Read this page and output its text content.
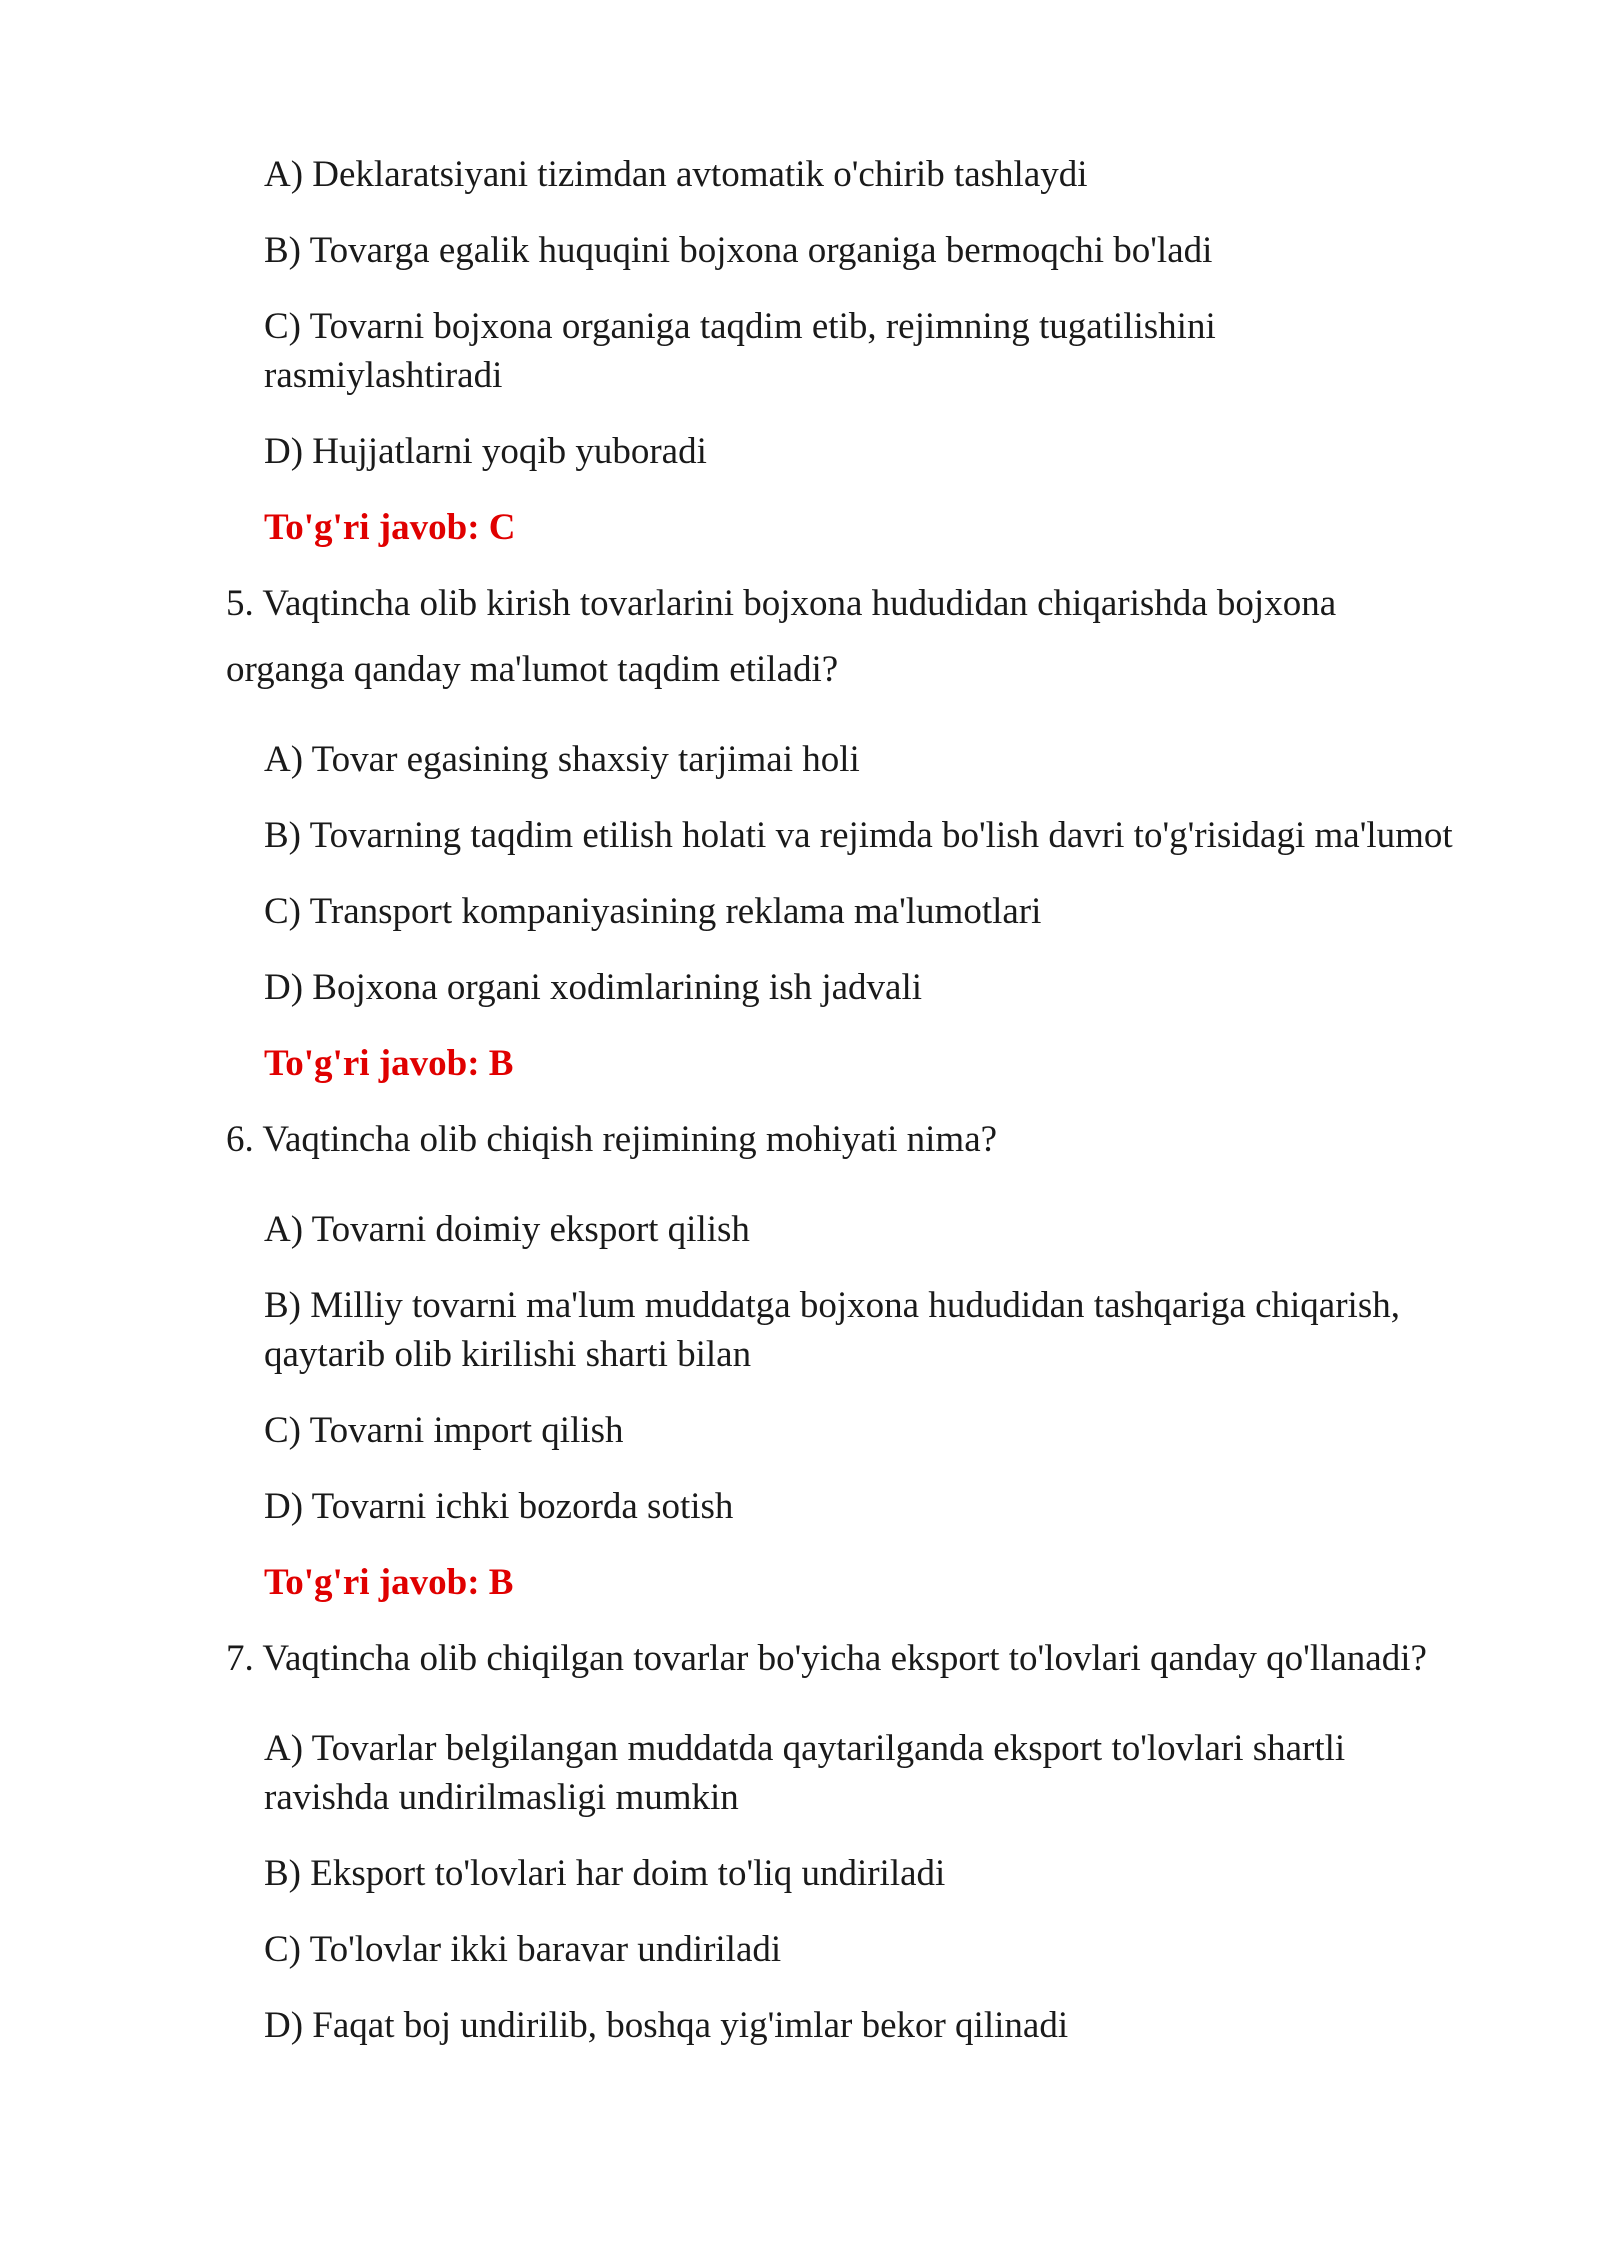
A) Deklaratsiyani tizimdan avtomatik o'chirib tashlaydi

B) Tovarga egalik huquqini bojxona organiga bermoqchi bo'ladi

C) Tovarni bojxona organiga taqdim etib, rejimning tugatilishini

rasmiylashtiradi

D) Hujjatlarni yoqib yuboradi

To'g'ri javob: C

5. Vaqtincha olib kirish tovarlarini bojxona hududidan chiqarishda bojxona

organga qanday ma'lumot taqdim etiladi?

A) Tovar egasining shaxsiy tarjimai holi

B) Tovarning taqdim etilish holati va rejimda bo'lish davri to'g'risidagi ma'lumot

C) Transport kompaniyasining reklama ma'lumotlari

D) Bojxona organi xodimlarining ish jadvali

To'g'ri javob: B

6. Vaqtincha olib chiqish rejimining mohiyati nima?

A) Tovarni doimiy eksport qilish

B) Milliy tovarni ma'lum muddatga bojxona hududidan tashqariga chiqarish,

qaytarib olib kirilishi sharti bilan

C) Tovarni import qilish

D) Tovarni ichki bozorda sotish

To'g'ri javob: B

7. Vaqtincha olib chiqilgan tovarlar bo'yicha eksport to'lovlari qanday qo'llanadi?

A) Tovarlar belgilangan muddatda qaytarilganda eksport to'lovlari shartli

ravishda undirilmasligi mumkin

B) Eksport to'lovlari har doim to'liq undiriladi

C) To'lovlar ikki baravar undiriladi

D) Faqat boj undirilib, boshqa yig'imlar bekor qilinadi
